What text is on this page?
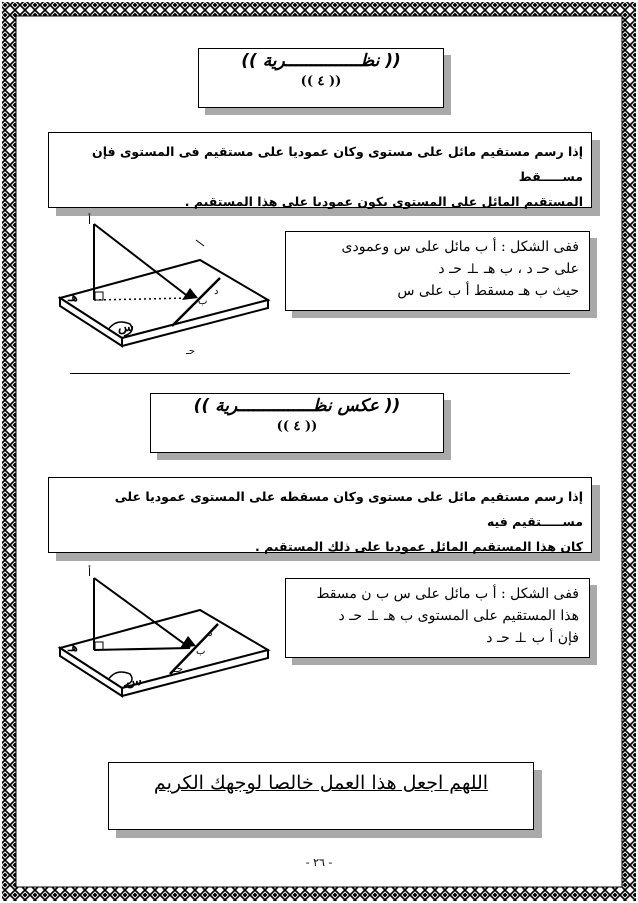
(( نظـــــــــــــــرية ))
(( ٤ ))
إذا رسم مستقيم مائل على مستوى وكان عموديا على مستقيم فى المستوى فإن مســـــقط
المستقيم المائل على المستوى يكون عموديا على هذا المستقيم .
أ
هـ
س
د
ب
حـ
ففى الشكل : أ ب مائل على س وعمودى
على حـ د ، ب هـ ⊥ حـ د
حيث ب هـ مسقط أ ب على س
(( عكس نظـــــــــــــــرية ))
(( ٤ ))
إذا رسم مستقيم مائل على مستوى وكان مسقطه على المستوى عموديا على مســـــتقيم فيه
كان هذا المستقيم المائل عموديا على ذلك المستقيم .
أ
هـ
س
د
ب
حـ
ففى الشكل : أ ب مائل على س ب ن مسقط
هذا المستقيم على المستوى ب هـ ⊥ حـ د
فإن أ ب ⊥ حـ د
اللهم اجعل هذا العمل خالصا لوجهك الكريم
- ٢٦ -
